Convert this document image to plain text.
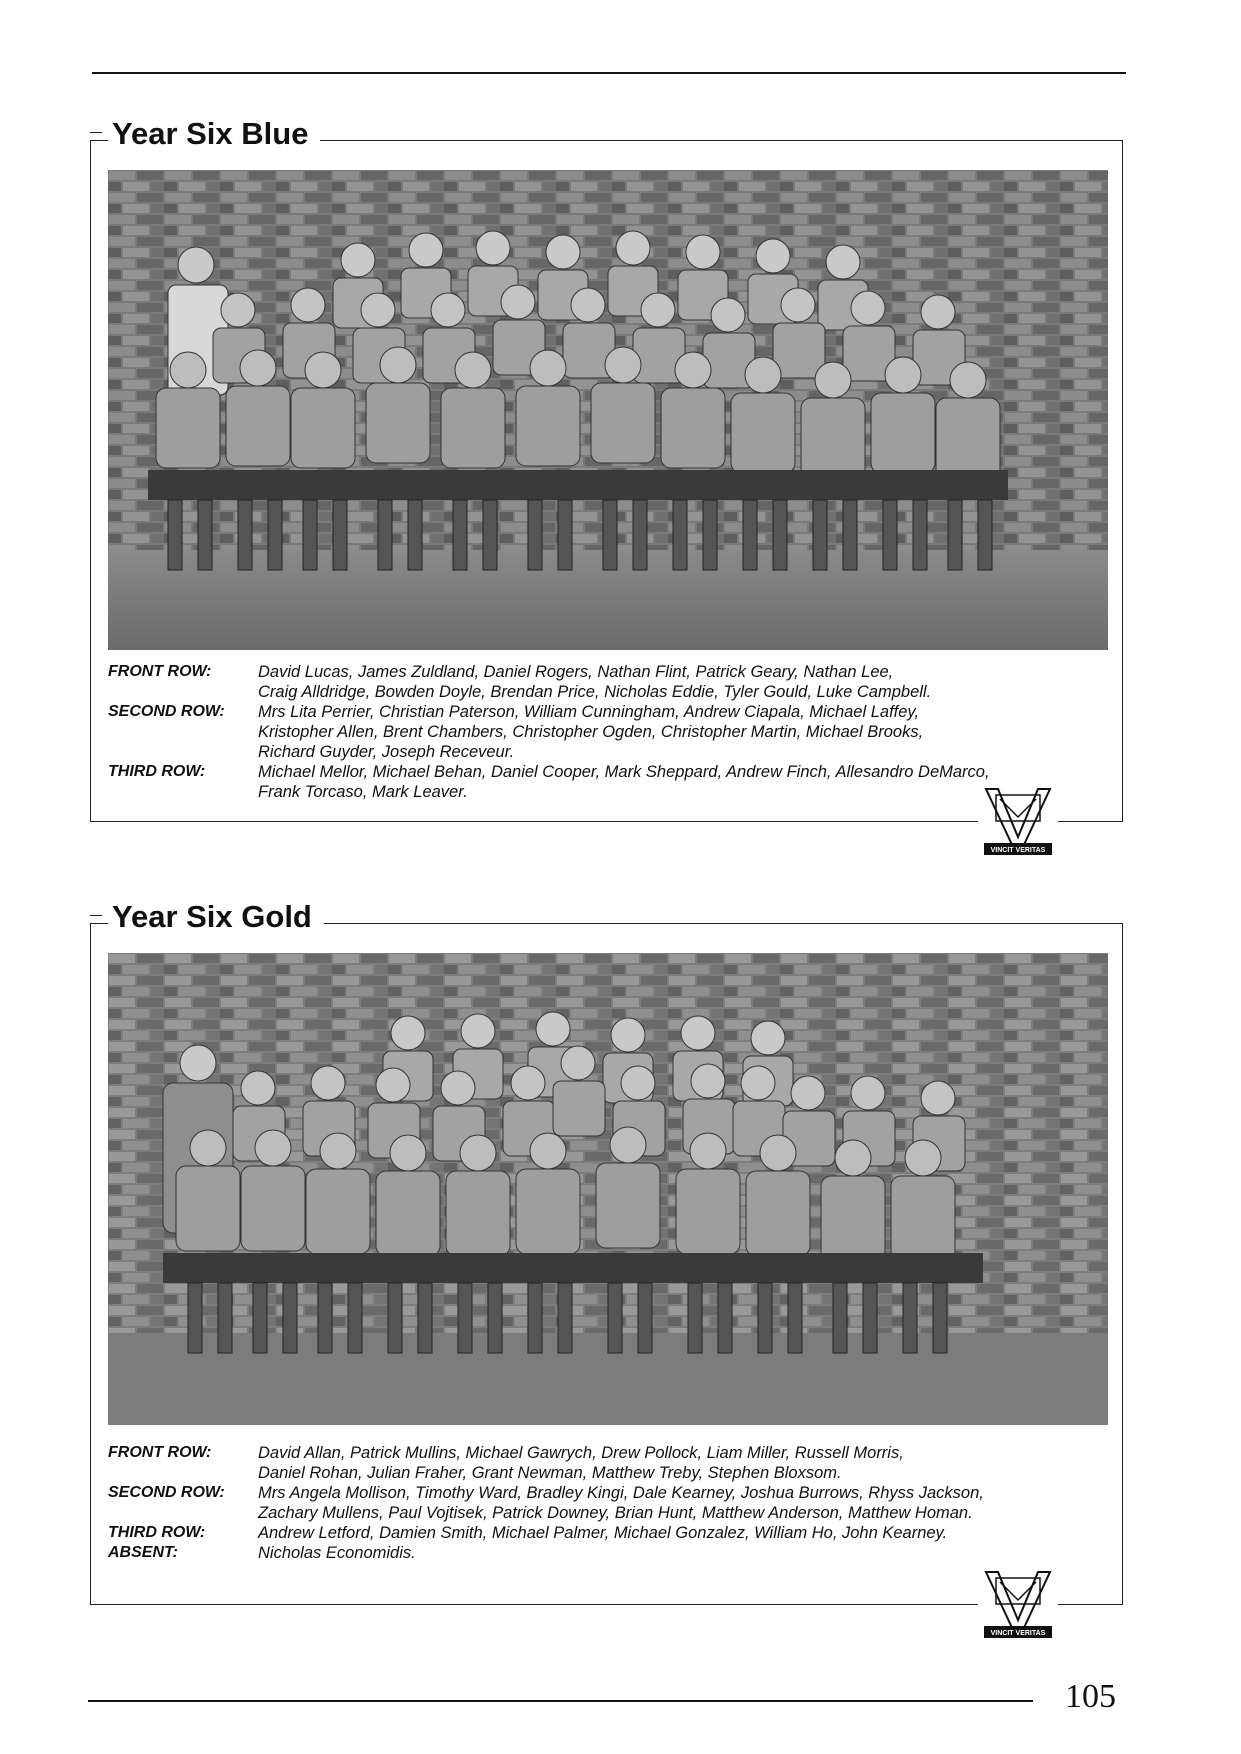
Year Six Blue
FRONT ROW:	David Lucas, James Zuldland, Daniel Rogers, Nathan Flint, Patrick Geary, Nathan Lee,
Craig Alldridge, Bowden Doyle, Brendan Price, Nicholas Eddie, Tyler Gould, Luke Campbell.
SECOND ROW:	Mrs Lita Perrier, Christian Paterson, William Cunningham, Andrew Ciapala, Michael Laffey,
Kristopher Allen, Brent Chambers, Christopher Ogden, Christopher Martin, Michael Brooks,
Richard Guyder, Joseph Receveur.
THIRD ROW:	Michael Mellor, Michael Behan, Daniel Cooper, Mark Sheppard, Andrew Finch, Allesandro DeMarco,
Frank Torcaso, Mark Leaver.
VINCIT VERITAS
Year Six Gold
FRONT ROW:	David Allan, Patrick Mullins, Michael Gawrych, Drew Pollock, Liam Miller, Russell Morris,
Daniel Rohan, Julian Fraher, Grant Newman, Matthew Treby, Stephen Bloxsom.
SECOND ROW:	Mrs Angela Mollison, Timothy Ward, Bradley Kingi, Dale Kearney, Joshua Burrows, Rhyss Jackson,
Zachary Mullens, Paul Vojtisek, Patrick Downey, Brian Hunt, Matthew Anderson, Matthew Homan.
THIRD ROW:	Andrew Letford, Damien Smith, Michael Palmer, Michael Gonzalez, William Ho, John Kearney.
ABSENT:	Nicholas Economidis.
VINCIT VERITAS
105
